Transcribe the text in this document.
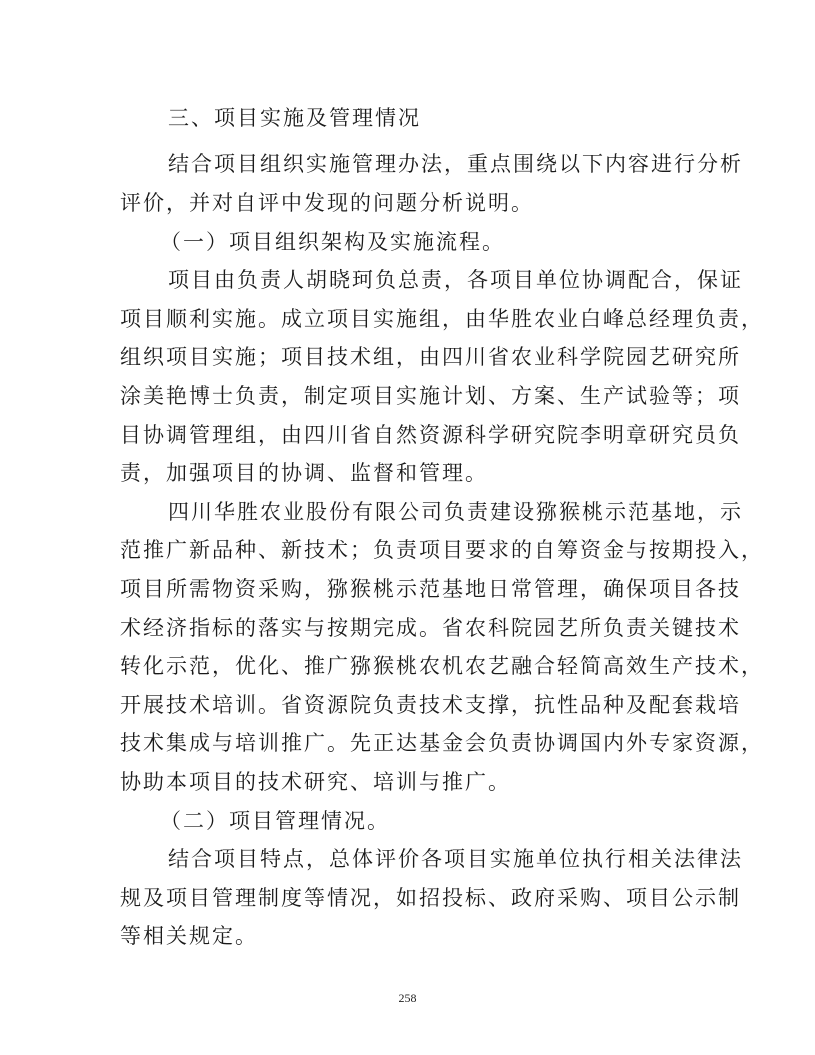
三、项目实施及管理情况
结合项目组织实施管理办法，重点围绕以下内容进行分析
评价，并对自评中发现的问题分析说明。
（一）项目组织架构及实施流程。
项目由负责人胡晓珂负总责，各项目单位协调配合，保证
项目顺利实施。成立项目实施组，由华胜农业白峰总经理负责，
组织项目实施；项目技术组，由四川省农业科学院园艺研究所
涂美艳博士负责，制定项目实施计划、方案、生产试验等；项
目协调管理组，由四川省自然资源科学研究院李明章研究员负
责，加强项目的协调、监督和管理。
四川华胜农业股份有限公司负责建设猕猴桃示范基地，示
范推广新品种、新技术；负责项目要求的自筹资金与按期投入，
项目所需物资采购，猕猴桃示范基地日常管理，确保项目各技
术经济指标的落实与按期完成。省农科院园艺所负责关键技术
转化示范，优化、推广猕猴桃农机农艺融合轻简高效生产技术，
开展技术培训。省资源院负责技术支撑，抗性品种及配套栽培
技术集成与培训推广。先正达基金会负责协调国内外专家资源，
协助本项目的技术研究、培训与推广。
（二）项目管理情况。
结合项目特点，总体评价各项目实施单位执行相关法律法
规及项目管理制度等情况，如招投标、政府采购、项目公示制
等相关规定。
258
